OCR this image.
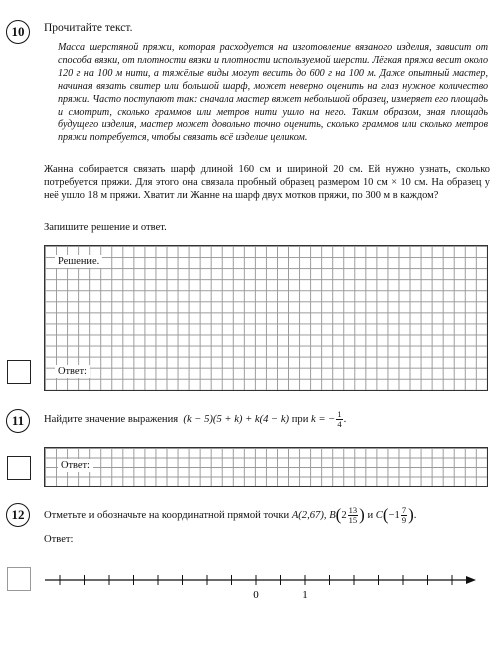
10 Прочитайте текст.
Масса шерстяной пряжи, которая расходуется на изготовление вязаного изделия, зависит от способа вязки, от плотности вязки и плотности используемой шерсти. Лёгкая пряжа весит около 120 г на 100 м нити, а тяжёлые виды могут весить до 600 г на 100 м. Даже опытный мастер, начиная вязать свитер или большой шарф, может неверно оценить на глаз нужное количество пряжи. Часто поступают так: сначала мастер вяжет небольшой образец, измеряет его площадь и смотрит, сколько граммов или метров нити ушло на него. Таким образом, зная площадь будущего изделия, мастер может довольно точно оценить, сколько граммов или сколько метров пряжи потребуется, чтобы связать всё изделие целиком.
Жанна собирается связать шарф длиной 160 см и шириной 20 см. Ей нужно узнать, сколько потребуется пряжи. Для этого она связала пробный образец размером 10 см × 10 см. На образец у неё ушло 18 м пряжи. Хватит ли Жанне на шарф двух мотков пряжи, по 300 м в каждом?
Запишите решение и ответ.
Решение.
Ответ:
11 Найдите значение выражения
(k − 5)(5 + k) + k(4 − k)
при
k = − $\frac{1}{4}$ .
Ответ:
12 Отметьте и обозначьте на координатной прямой точки
A(2,67),
B ( $2 \frac{13}{15}$ )
и
C ( $-1 \frac{7}{9}$ ) .
Ответ:
0	1
